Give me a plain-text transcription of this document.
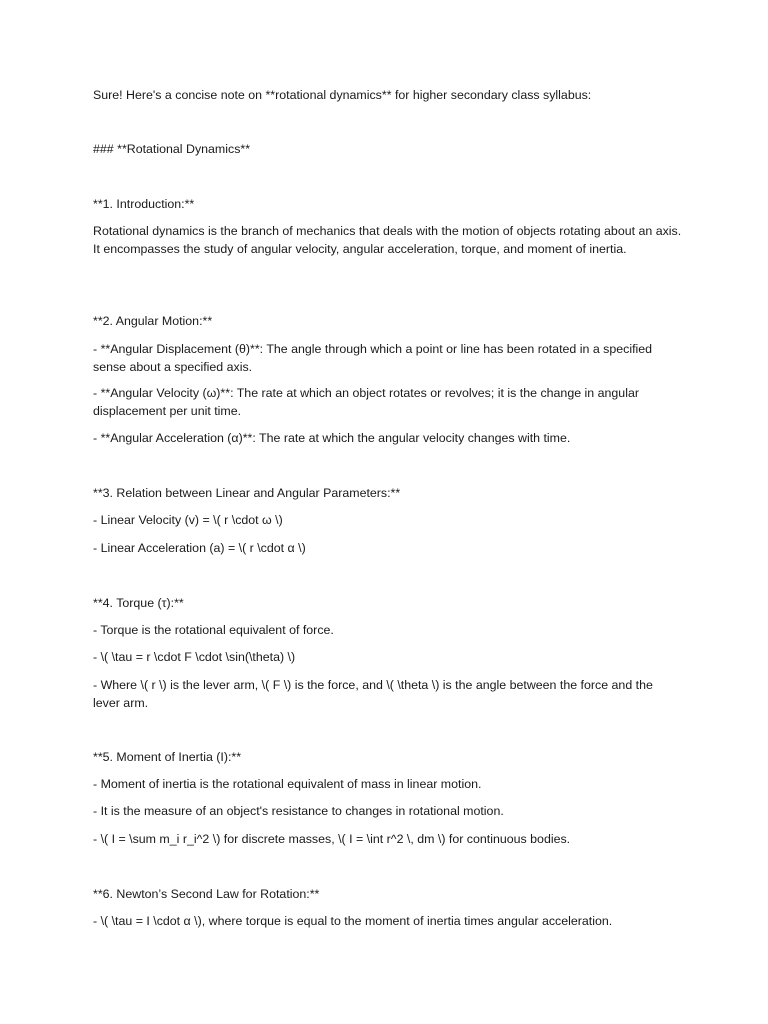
Sure! Here's a concise note on **rotational dynamics** for higher secondary class syllabus:

### **Rotational Dynamics**

**1. Introduction:**

Rotational dynamics is the branch of mechanics that deals with the motion of objects rotating about an axis. It encompasses the study of angular velocity, angular acceleration, torque, and moment of inertia.

**2. Angular Motion:**

- **Angular Displacement (θ)**: The angle through which a point or line has been rotated in a specified sense about a specified axis.

- **Angular Velocity (ω)**: The rate at which an object rotates or revolves; it is the change in angular displacement per unit time.

- **Angular Acceleration (α)**: The rate at which the angular velocity changes with time.

**3. Relation between Linear and Angular Parameters:**

- Linear Velocity (v) = \( r \cdot ω \)

- Linear Acceleration (a) = \( r \cdot α \)

**4. Torque (τ):**

- Torque is the rotational equivalent of force.

- \( \tau = r \cdot F \cdot \sin(\theta) \)

- Where \( r \) is the lever arm, \( F \) is the force, and \( \theta \) is the angle between the force and the lever arm.

**5. Moment of Inertia (I):**

- Moment of inertia is the rotational equivalent of mass in linear motion.

- It is the measure of an object's resistance to changes in rotational motion.

- \( I = \sum m_i r_i^2 \) for discrete masses, \( I = \int r^2 \, dm \) for continuous bodies.

**6. Newton’s Second Law for Rotation:**

- \( \tau = I \cdot α \), where torque is equal to the moment of inertia times angular acceleration.
